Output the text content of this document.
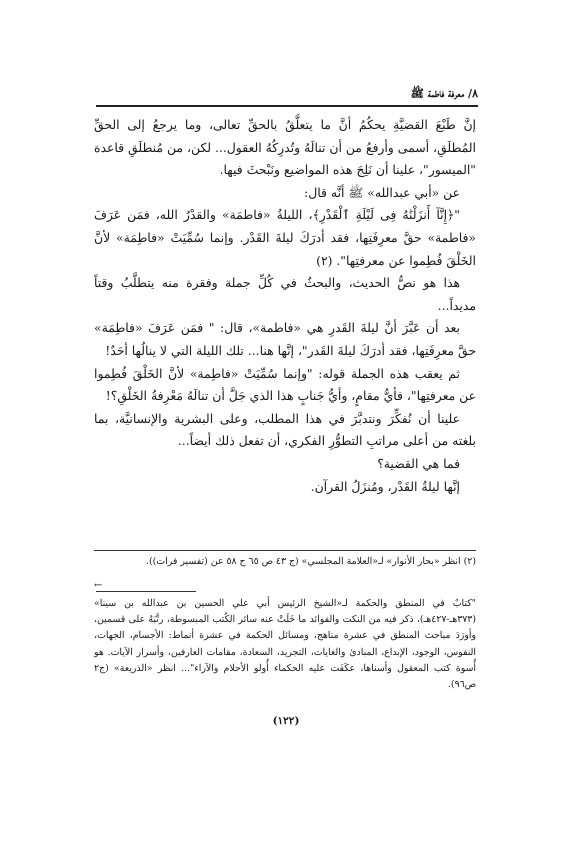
٨/ معرفة فاطمة ﷺ

إنَّ طَبْعَ القضيَّةِ يحكُمُ أنَّ ما يتعلَّقُ بالحقِّ تعالى، وما يرجعُ إلى الحقِّ المُطلَقِ، أسمى وأرفعُ من أن تنالَهُ وتُدرِكُهُ العقول... لكن، من مُنطلَقِ قاعدة "الميسور"، علينا أن نَلِجَ هذه المواضيع ونَبْحثَ فيها.

عن «أبي عبدالله» ﷺ أنَّه قال:

"﴿إِنَّآ أَنزَلْنَٰهُ فِى لَيْلَةِ ٱلْقَدْرِ﴾، الليلةُ «فاطمَة» والقدْرُ الله، فمَن عَرَفَ «فاطمة» حقَّ معرِفَتِها، فقد أدرَكَ ليلةَ القَدْر. وإنما سُمِّيَتْ «فاطِمَة» لأنَّ الخَلْقَ فُطِموا عن معرفتِها". (٢)

هذا هو نصُّ الحديث، والبحثُ في كُلِّ جملة وفقرة منه يتطلَّبُ وقتاً مديداً...

بعد أن عَبَّرَ أنَّ ليلةَ القَدرِ هي «فاطمة»، قال: " فمَن عَرَفَ «فاطِمَة» حقَّ معرِفَتِها، فقد أدرَكَ ليلةَ القَدر"، إنَّها هنا... تلك الليلة التي لا ينالُها أحَدٌ!

ثم يعقب هذه الجملة قوله: "وإنما سُمِّيَتْ «فاطِمة» لأنَّ الخَلْقَ فُطِموا عن معرفتِها"، فأيُّ مقامٍ، وأيُّ جَنابٍ هذا الذي جَلَّ أن تنالَهُ مَعْرِفةُ الخَلْقِ؟!

علينا أن نُفكِّرَ ونتدبَّرَ في هذا المطلب، وعلى البشرية والإنسانيَّة، بما بلغته من أعلى مراتبِ التطوُّرِ الفكري، أن تفعل ذلك أيضاً...

فما هي القضية؟

إنَّها ليلةُ القَدْر، ومُنزَلُ القرآن.

(٢) انظر «بحار الأنوار» لـ«العلامة المجلسي» (ج ٤٣ ص ٦٥ ح ٥٨ عن (تفسير فرات)).
←

"كتابٌ في المنطق والحكمة لـ«الشيخ الرئيس أبي علي الحسين بن عبدالله بن سينا» (٣٧٣هـ-٤٢٧هـ)، ذكر فيه من النكت والفوائد ما خَلَتْ عنه سائر الكُتب المبسوطة، رتَّبَهُ على قسمين، وأورَدَ مباحث المنطق في عشرة مناهج، ومسائل الحكمة في عشرة أنماط: الأجسام، الجهات، النفوس، الوجود، الإبداع، المبادئ والغايات، التجريد، السعادة، مقامات العارفين، وأسرار الآيات. هو أُسوة كتب المعقول وأسناها، عكَفَت عليه الحكماء أُولو الأحلام والآراء"... انظر «الذريعة» (ج٢ ص٩٦).

(١٢٢)
